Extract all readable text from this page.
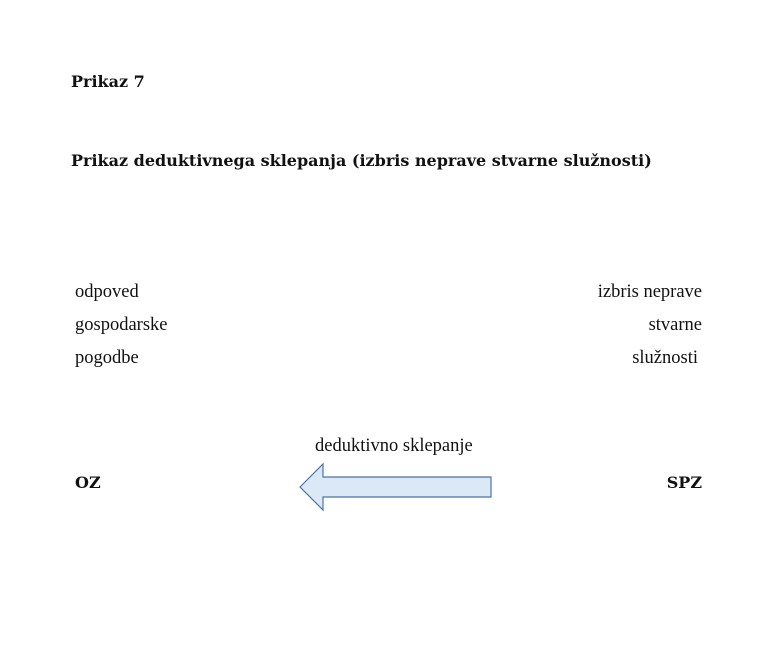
Prikaz 7
Prikaz deduktivnega sklepanja (izbris neprave stvarne služnosti)
odpoved
gospodarske
pogodbe
izbris neprave
stvarne
služnosti
deduktivno sklepanje
OZ	SPZ
